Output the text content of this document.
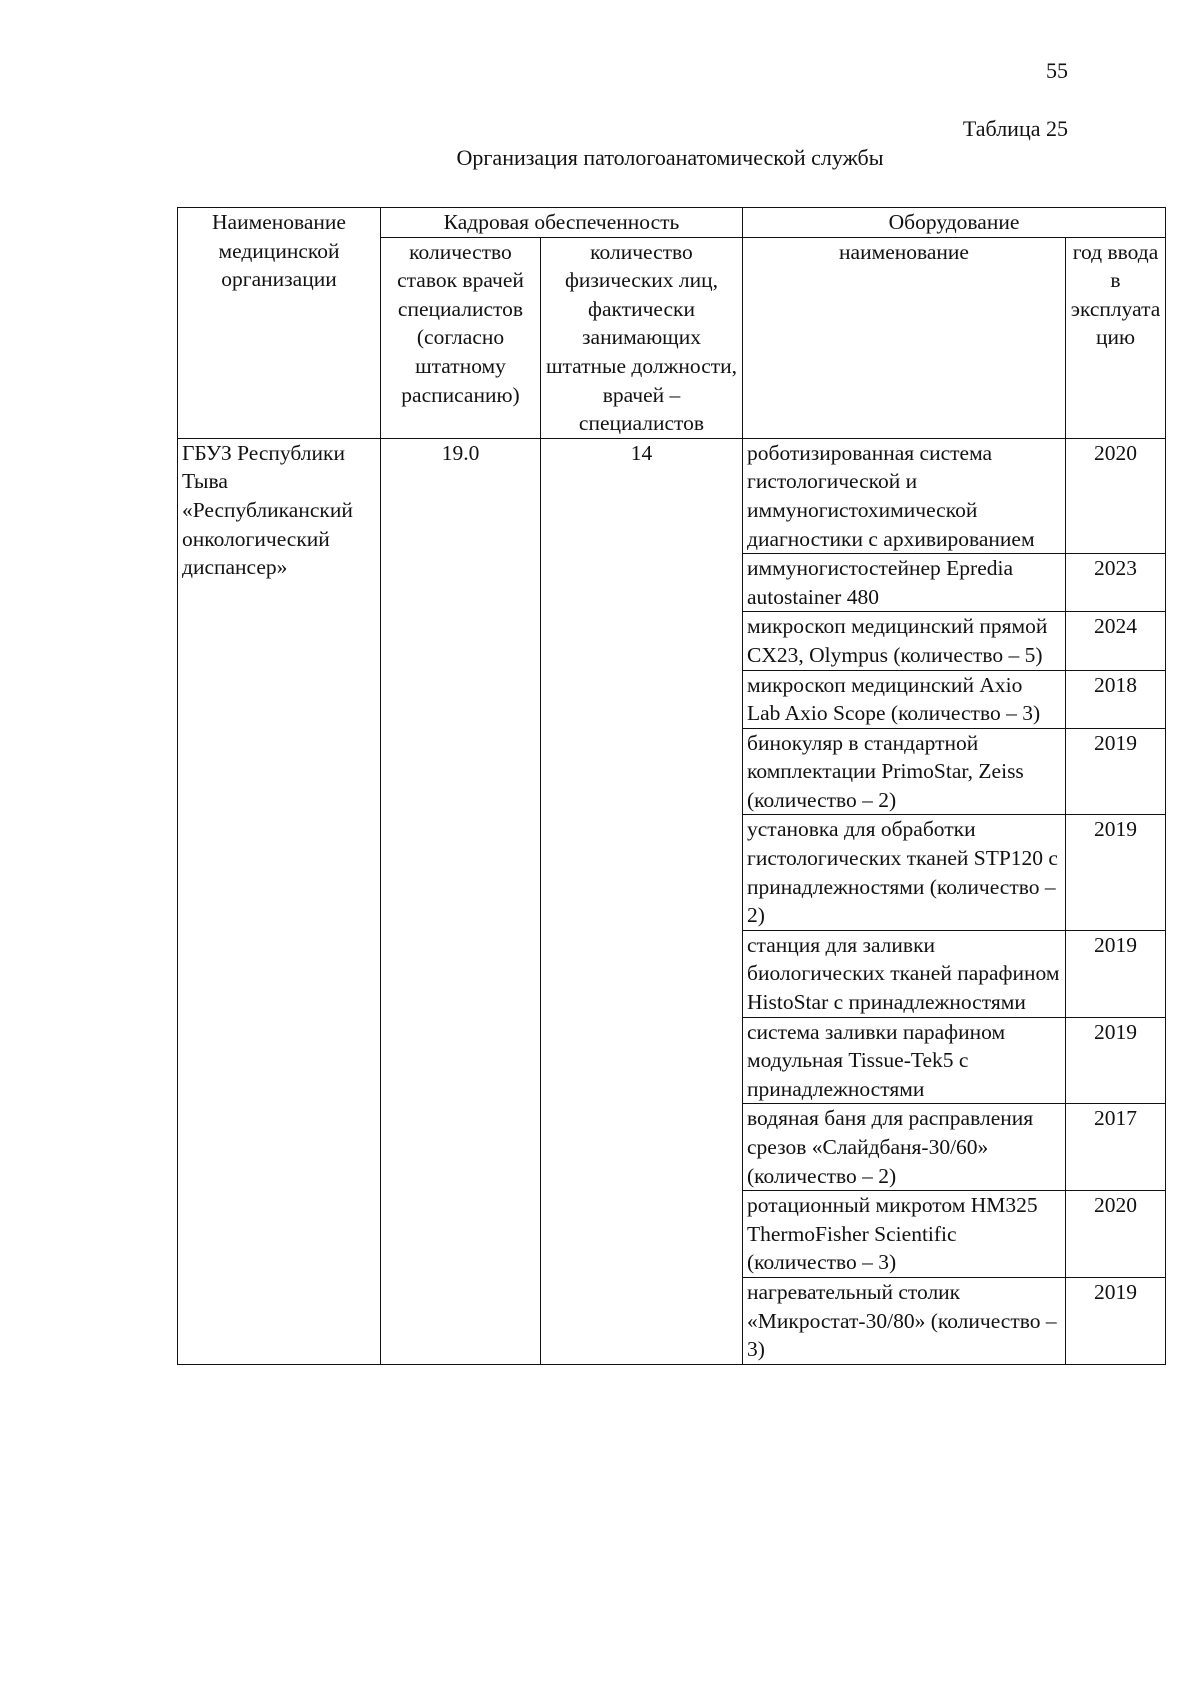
55
Таблица 25
Организация патологоанатомической службы
Наименование медицинской организации	Кадровая обеспеченность		Оборудование	
	количество ставок врачей специалистов (согласно штатному расписанию)	количество физических лиц, фактически занимающих штатные должности, врачей – специалистов	наименование	год ввода в эксплуатацию
ГБУЗ Республики Тыва «Республиканский онкологический диспансер»	19.0	14	роботизированная система гистологической и иммуногистохимической диагностики с архивированием	2020
			иммуногистостейнер Epredia autostainer 480	2023
			микроскоп медицинский прямой CX23, Olympus (количество – 5)	2024
			микроскоп медицинский Axio Lab Axio Scope (количество – 3)	2018
			бинокуляр в стандартной комплектации PrimoStar, Zeiss (количество – 2)	2019
			установка для обработки гистологических тканей STP120 с принадлежностями (количество – 2)	2019
			станция для заливки биологических тканей парафином HistoStar с принадлежностями	2019
			система заливки парафином модульная Tissue-Tek5 с принадлежностями	2019
			водяная баня для расправления срезов «Слайдбаня-30/60» (количество – 2)	2017
			ротационный микротом HM325 ThermoFisher Scientific (количество – 3)	2020
			нагревательный столик «Микростат-30/80» (количество – 3)	2019
